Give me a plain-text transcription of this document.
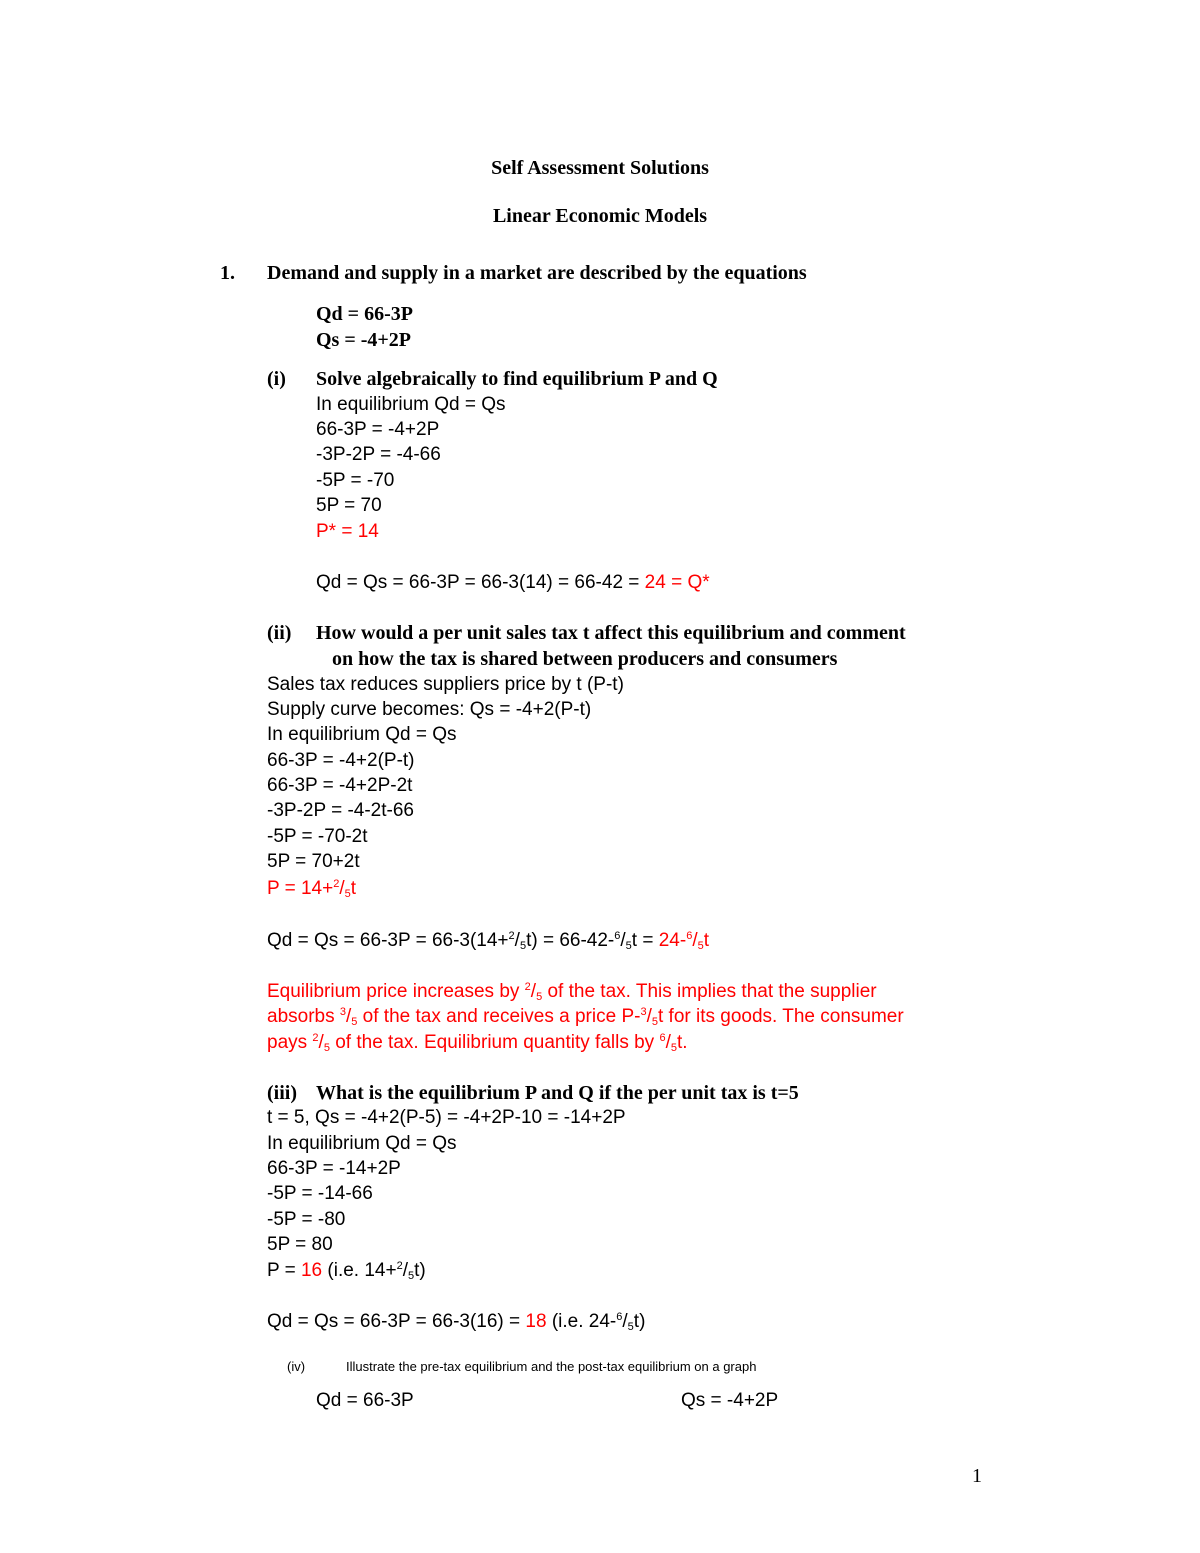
Self Assessment Solutions
Linear Economic Models
1. Demand and supply in a market are described by the equations
Qd = 66-3P
Qs = -4+2P
(i) Solve algebraically to find equilibrium P and Q
In equilibrium Qd = Qs
66-3P = -4+2P
-3P-2P = -4-66
-5P = -70
5P = 70
P* = 14
Qd = Qs = 66-3P = 66-3(14) = 66-42 = 24 = Q*
(ii) How would a per unit sales tax t affect this equilibrium and comment
on how the tax is shared between producers and consumers
Sales tax reduces suppliers price by t (P-t)
Supply curve becomes: Qs = -4+2(P-t)
In equilibrium Qd = Qs
66-3P = -4+2(P-t)
66-3P = -4+2P-2t
-3P-2P = -4-2t-66
-5P = -70-2t
5P = 70+2t
$P = 14+^2/_5t$
$Qd = Qs = 66-3P = 66-3(14+^2/_5t) = 66-42-^6/_5t = 24-^6/_5t$
Equilibrium price increases by $^2/_5$ of the tax. This implies that the supplier
absorbs $^3/_5$ of the tax and receives a price $P-^3/_5t$ for its goods. The consumer
pays $^2/_5$ of the tax. Equilibrium quantity falls by $^6/_5t$.
(iii) What is the equilibrium P and Q if the per unit tax is t=5
t = 5, Qs = -4+2(P-5) = -4+2P-10 = -14+2P
In equilibrium Qd = Qs
66-3P = -14+2P
-5P = -14-66
-5P = -80
5P = 80
P = 16 (i.e. $14+^2/_5t$)
Qd = Qs = 66-3P = 66-3(16) = 18 (i.e. $24-^6/_5t$)
(iv)	Illustrate the pre-tax equilibrium and the post-tax equilibrium on a graph
Qd = 66-3P	Qs = -4+2P
1
